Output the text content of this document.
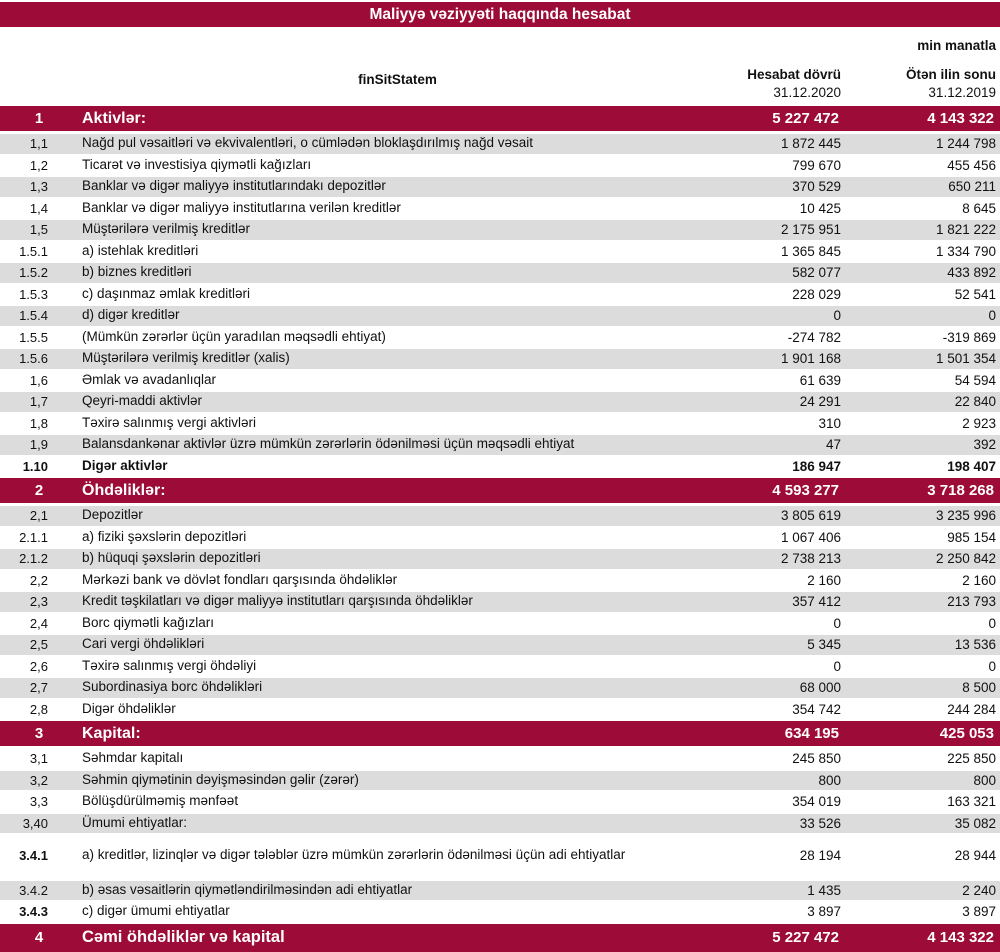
Maliyyə vəziyyəti haqqında hesabat
min manatla
finSitStatem	Hesabat dövrü
31.12.2020
Ötən ilin sonu
31.12.2019
1	Aktivlər:	5 227 472	4 143 322
1,1	Nağd pul vəsaitləri və ekvivalentləri, o cümlədən bloklaşdırılmış nağd vəsait	1 872 445	1 244 798
1,2	Ticarət və investisiya qiymətli kağızları	799 670	455 456
1,3	Banklar və digər maliyyə institutlarındakı depozitlər	370 529	650 211
1,4	Banklar və digər maliyyə institutlarına verilən kreditlər	10 425	8 645
1,5	Müştərilərə verilmiş kreditlər	2 175 951	1 821 222
1.5.1	a) istehlak kreditləri	1 365 845	1 334 790
1.5.2	b) biznes kreditləri	582 077	433 892
1.5.3	c) daşınmaz əmlak kreditləri	228 029	52 541
1.5.4	d) digər kreditlər	0	0
1.5.5	(Mümkün zərərlər üçün yaradılan məqsədli ehtiyat)	-274 782	-319 869
1.5.6	Müştərilərə verilmiş kreditlər (xalis)	1 901 168	1 501 354
1,6	Əmlak və avadanlıqlar	61 639	54 594
1,7	Qeyri-maddi aktivlər	24 291	22 840
1,8	Təxirə salınmış vergi aktivləri	310	2 923
1,9	Balansdankənar aktivlər üzrə mümkün zərərlərin ödənilməsi üçün məqsədli ehtiyat	47	392
1.10	Digər aktivlər	186 947	198 407
2	Öhdəliklər:	4 593 277	3 718 268
2,1	Depozitlər	3 805 619	3 235 996
2.1.1	a) fiziki şəxslərin depozitləri	1 067 406	985 154
2.1.2	b) hüquqi şəxslərin depozitləri	2 738 213	2 250 842
2,2	Mərkəzi bank və dövlət fondları qarşısında öhdəliklər	2 160	2 160
2,3	Kredit təşkilatları və digər maliyyə institutları qarşısında öhdəliklər	357 412	213 793
2,4	Borc qiymətli kağızları	0	0
2,5	Cari vergi öhdəlikləri	5 345	13 536
2,6	Təxirə salınmış vergi öhdəliyi	0	0
2,7	Subordinasiya borc öhdəlikləri	68 000	8 500
2,8	Digər öhdəliklər	354 742	244 284
3	Kapital:	634 195	425 053
3,1	Səhmdar kapitalı	245 850	225 850
3,2	Səhmin qiymətinin dəyişməsindən gəlir (zərər)	800	800
3,3	Bölüşdürülməmiş mənfəət	354 019	163 321
3,40	Ümumi ehtiyatlar:	33 526	35 082
3.4.1	a) kreditlər, lizinqlər və digər tələblər üzrə mümkün zərərlərin ödənilməsi üçün adi ehtiyatlar	28 194	28 944
3.4.2	b) əsas vəsaitlərin qiymətləndirilməsindən adi ehtiyatlar	1 435	2 240
3.4.3	c) digər ümumi ehtiyatlar	3 897	3 897
4	Cəmi öhdəliklər və kapital	5 227 472	4 143 322
